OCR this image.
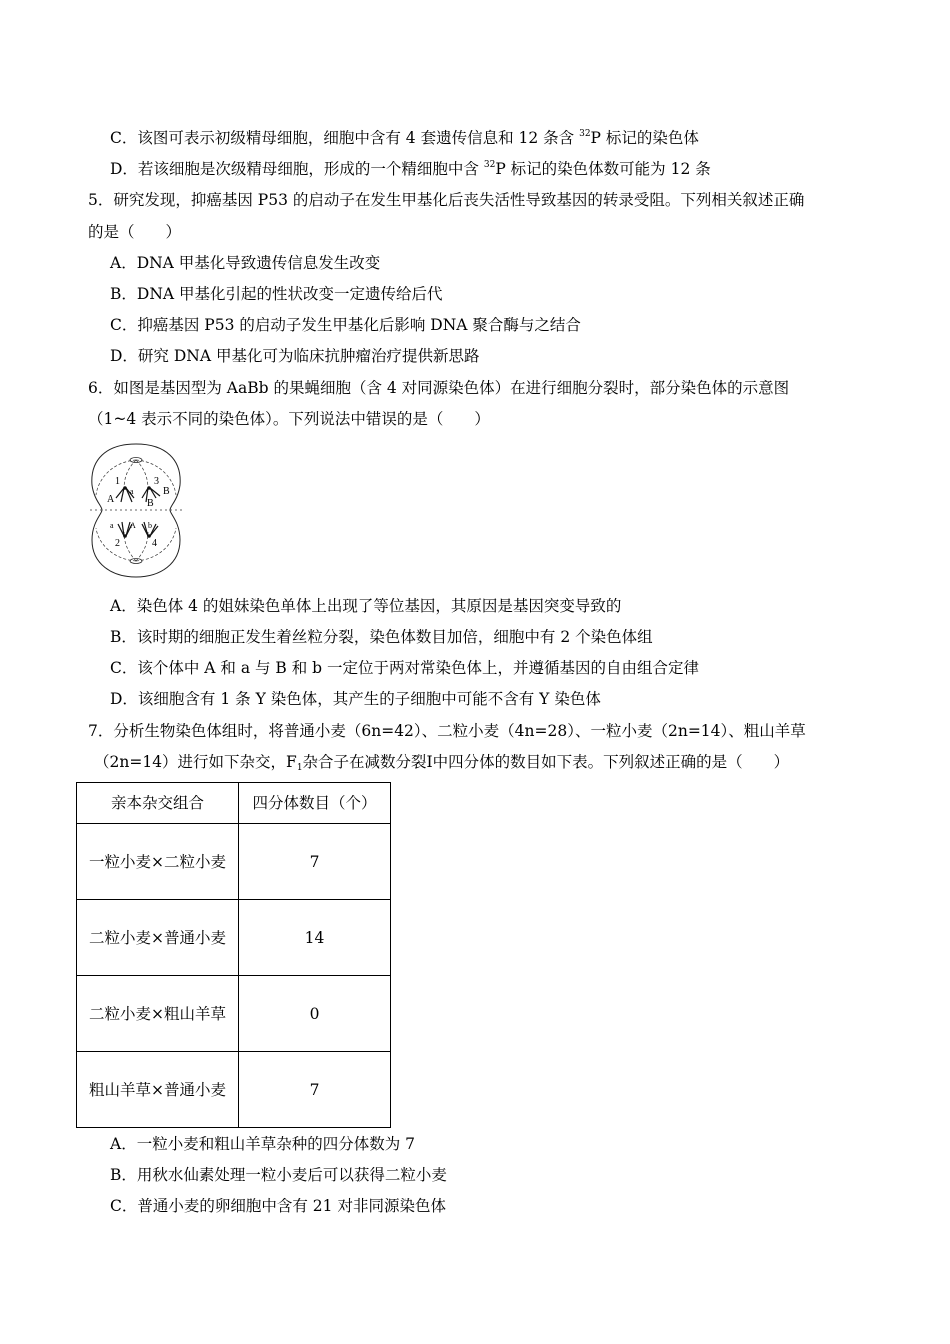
C．该图可表示初级精母细胞，细胞中含有 4 套遗传信息和 12 条含 $^{32}$P 标记的染色体
D．若该细胞是次级精母细胞，形成的一个精细胞中含 $^{32}$P 标记的染色体数可能为 12 条
5．研究发现，抑癌基因 P53 的启动子在发生甲基化后丧失活性导致基因的转录受阻。下列相关叙述正确
的是（　　）
A．DNA 甲基化导致遗传信息发生改变
B．DNA 甲基化引起的性状改变一定遗传给后代
C．抑癌基因 P53 的启动子发生甲基化后影响 DNA 聚合酶与之结合
D．研究 DNA 甲基化可为临床抗肿瘤治疗提供新思路
6．如图是基因型为 AaBb 的果蝇细胞（含 4 对同源染色体）在进行细胞分裂时，部分染色体的示意图
（1~4 表示不同的染色体）。下列说法中错误的是（　　）
1	3
A
a	B
B
a A b
2	4
A．染色体 4 的姐妹染色单体上出现了等位基因，其原因是基因突变导致的
B．该时期的细胞正发生着丝粒分裂，染色体数目加倍，细胞中有 2 个染色体组
C．该个体中 A 和 a 与 B 和 b 一定位于两对常染色体上，并遵循基因的自由组合定律
D．该细胞含有 1 条 Y 染色体，其产生的子细胞中可能不含有 Y 染色体
7．分析生物染色体组时，将普通小麦（6n=42）、二粒小麦（4n=28）、一粒小麦（2n=14）、粗山羊草
（2n=14）进行如下杂交，$F_1$杂合子在减数分裂Ⅰ中四分体的数目如下表。下列叙述正确的是（　　）
亲本杂交组合	四分体数目（个）
一粒小麦×二粒小麦	7
二粒小麦×普通小麦	14
二粒小麦×粗山羊草	0
粗山羊草×普通小麦	7
A．一粒小麦和粗山羊草杂种的四分体数为 7
B．用秋水仙素处理一粒小麦后可以获得二粒小麦
C．普通小麦的卵细胞中含有 21 对非同源染色体
